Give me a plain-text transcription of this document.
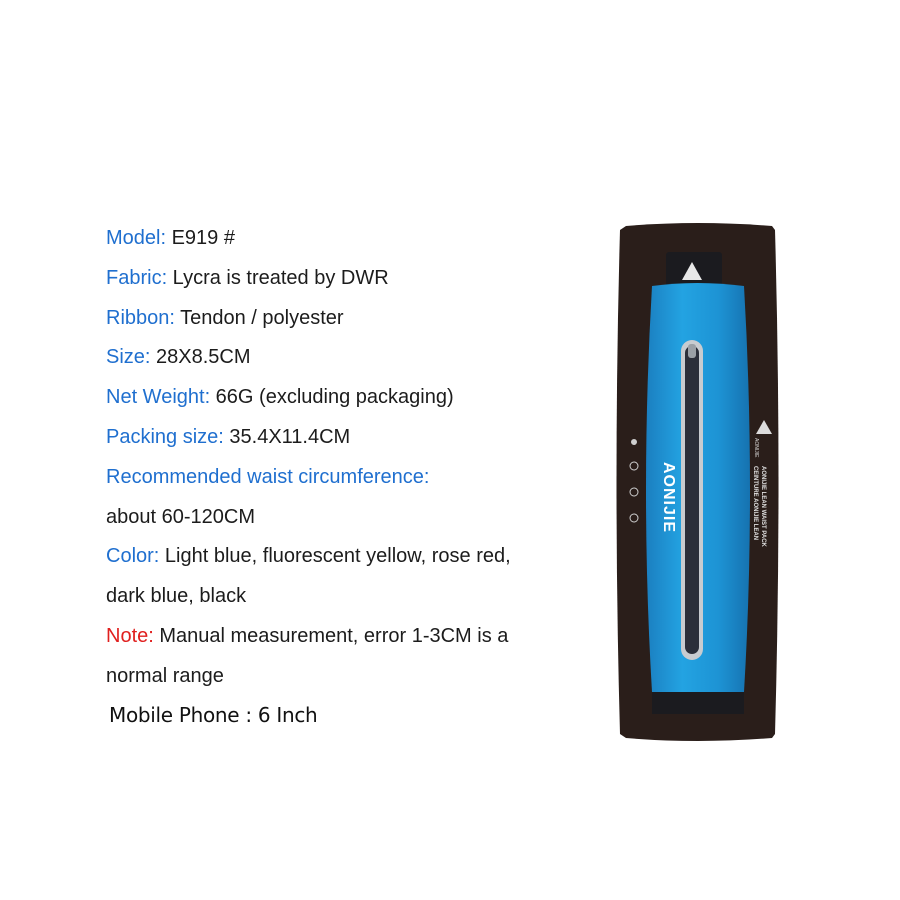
Model: E919 #
Fabric: Lycra is treated by DWR
Ribbon: Tendon / polyester
Size: 28X8.5CM
Net Weight: 66G (excluding packaging)
Packing size: 35.4X11.4CM
Recommended waist circumference:
about 60-120CM
Color: Light blue, fluorescent yellow, rose red,
dark blue, black
Note: Manual measurement, error 1-3CM is a
normal range
Mobile Phone : 6 Inch
AONIJIE
AONIJIE
AONIJIE LEAN WAIST PACK
CEINTURE AONIJIE LEAN
